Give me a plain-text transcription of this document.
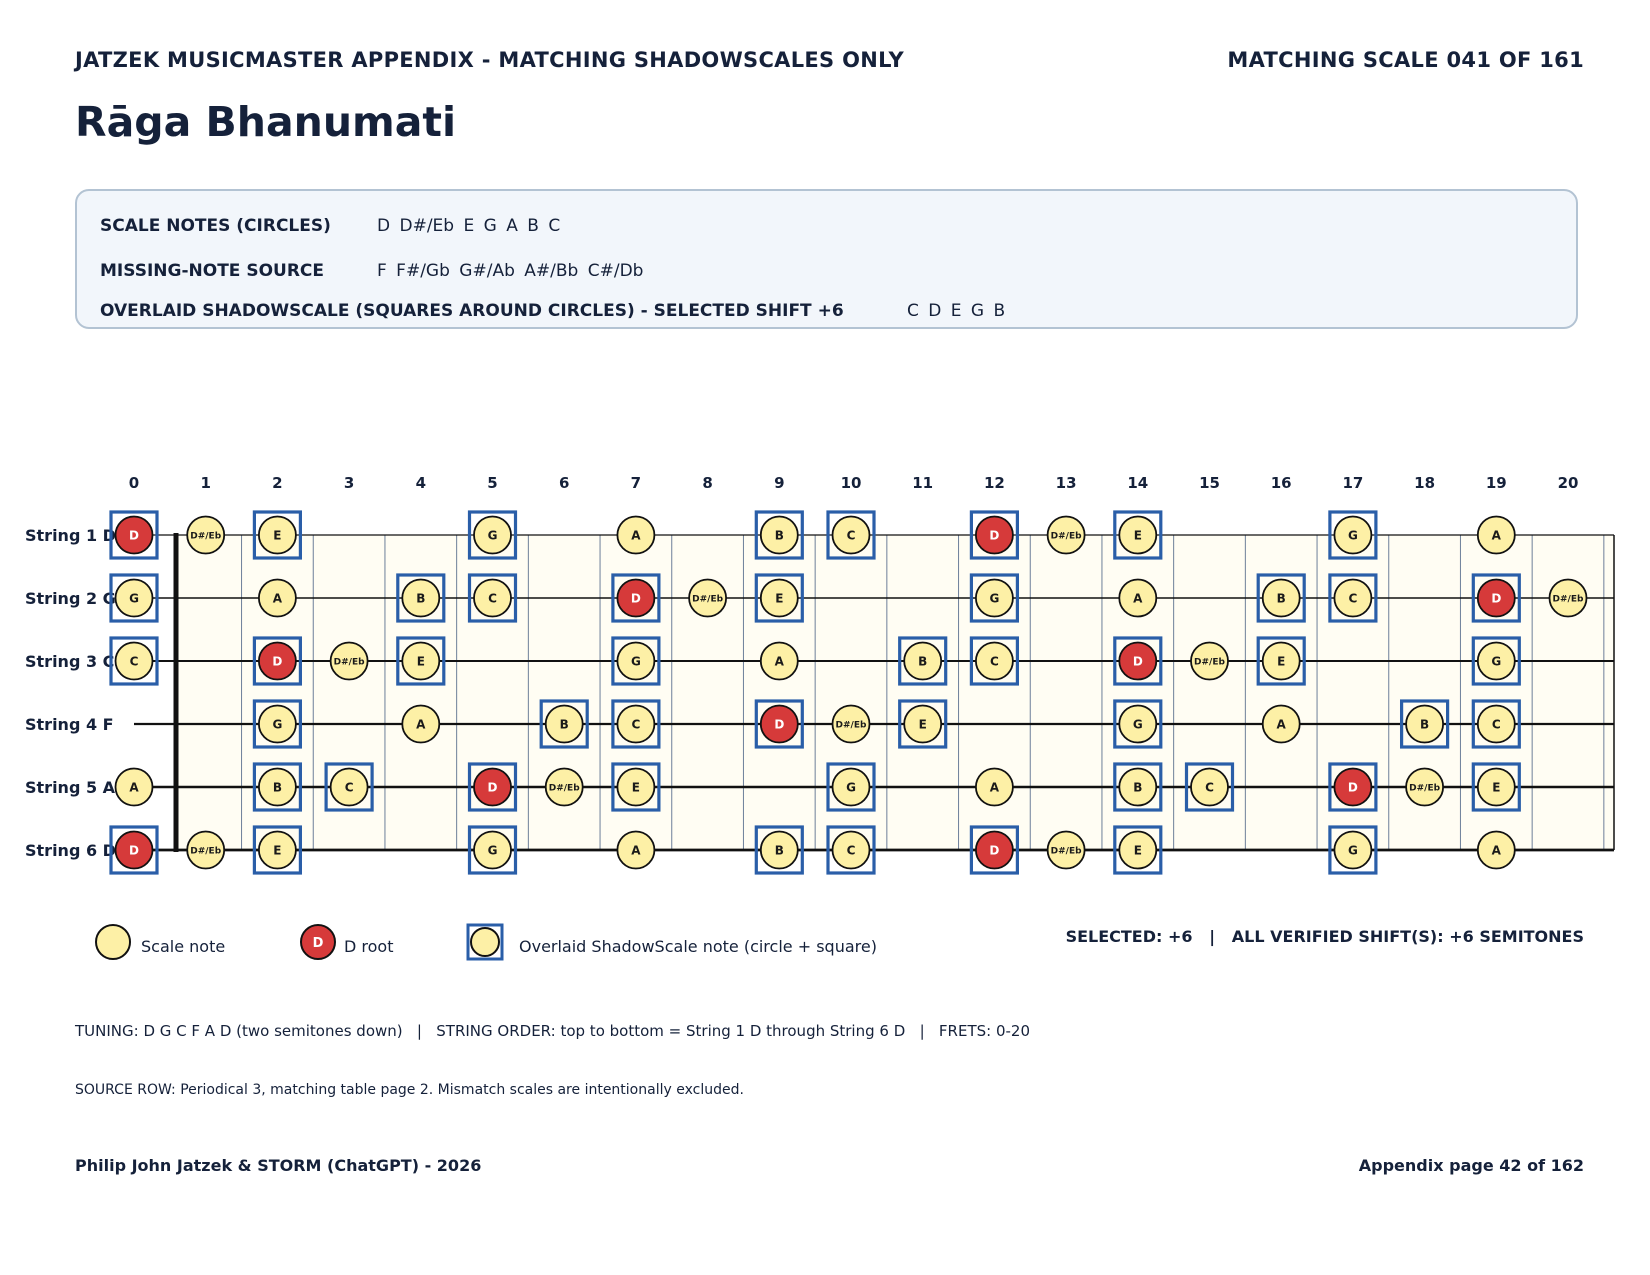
JATZEK MUSICMASTER APPENDIX - MATCHING SHADOWSCALES ONLY	MATCHING SCALE 041 OF 161
Rāga Bhanumati
SCALE NOTES (CIRCLES)	D D#/Eb E G A B C
MISSING-NOTE SOURCE	F F#/Gb G#/Ab A#/Bb C#/Db
OVERLAID SHADOWSCALE (SQUARES AROUND CIRCLES) - SELECTED SHIFT +6	C D E G B
0	1	2	3	4	5	6	7	8	9	10	11	12	13	14	15	16	17	18	19	20
String 1 D
String 2 G
String 3 C
String 4 F
String 5 A
String 6 D
D	D#/Eb	E	G	A	B	C	D	D#/Eb	E	G	A
G	A	B	C	D	D#/Eb	E	G	A	B	C	D	D#/Eb
C	D	D#/Eb	E	G	A	B	C	D	D#/Eb	E	G
G	A	B	C	D	D#/Eb	E	G	A	B	C
A	B	C	D	D#/Eb	E	G	A	B	C	D	D#/Eb	E
D	D#/Eb	E	G	A	B	C	D	D#/Eb	E	G	A
Scale note	D D root	Overlaid ShadowScale note (circle + square)
SELECTED: +6   |   ALL VERIFIED SHIFT(S): +6 SEMITONES
TUNING: D G C F A D (two semitones down)   |   STRING ORDER: top to bottom = String 1 D through String 6 D   |   FRETS: 0-20
SOURCE ROW: Periodical 3, matching table page 2. Mismatch scales are intentionally excluded.
Philip John Jatzek & STORM (ChatGPT) - 2026	Appendix page 42 of 162
